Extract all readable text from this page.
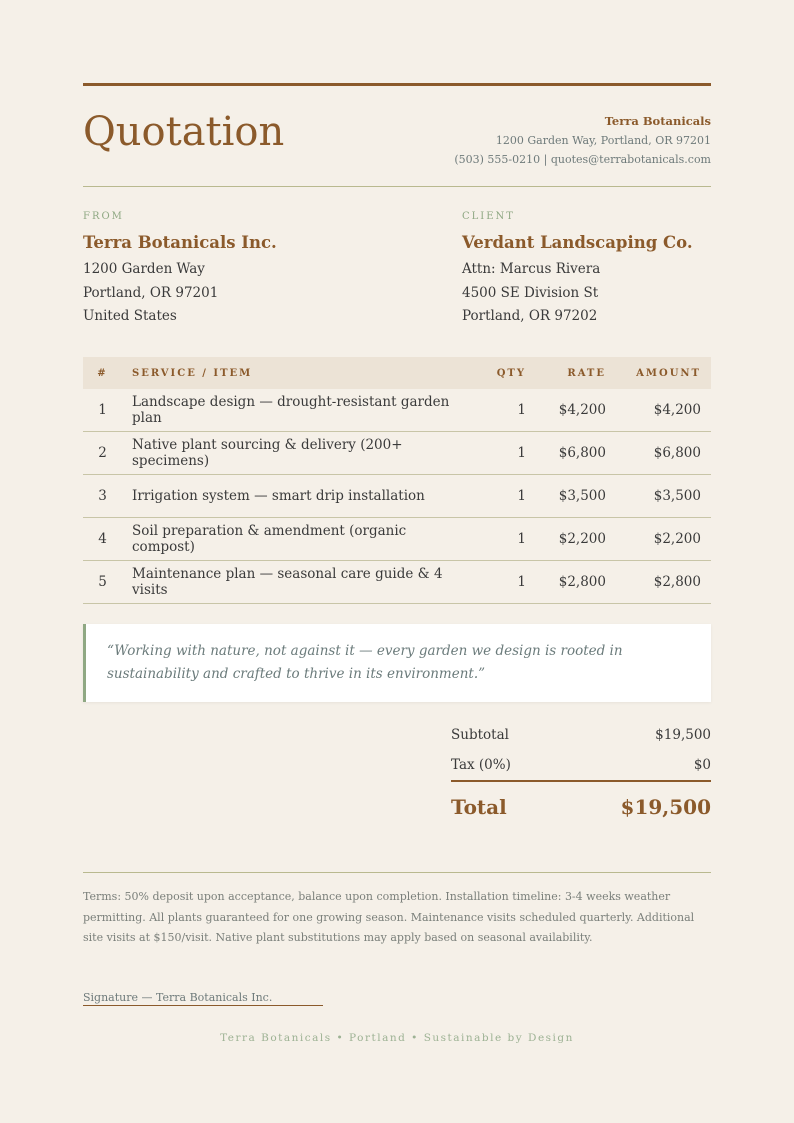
Quotation	Terra Botanicals
1200 Garden Way, Portland, OR 97201
(503) 555-0210 | quotes@terrabotanicals.com
FROM
Terra Botanicals Inc.
1200 Garden Way
Portland, OR 97201
United States
CLIENT
Verdant Landscaping Co.
Attn: Marcus Rivera
4500 SE Division St
Portland, OR 97202
#	SERVICE / ITEM	QTY	RATE	AMOUNT
1	Landscape design — drought-resistant garden plan	1	$4,200	$4,200
2	Native plant sourcing & delivery (200+ specimens)	1	$6,800	$6,800
3	Irrigation system — smart drip installation	1	$3,500	$3,500
4	Soil preparation & amendment (organic compost)	1	$2,200	$2,200
5	Maintenance plan — seasonal care guide & 4 visits	1	$2,800	$2,800
“Working with nature, not against it — every garden we design is rooted in sustainability and crafted to thrive in its environment.”
Subtotal	$19,500
Tax (0%)	$0
Total	$19,500
Terms: 50% deposit upon acceptance, balance upon completion. Installation timeline: 3-4 weeks weather permitting. All plants guaranteed for one growing season. Maintenance visits scheduled quarterly. Additional site visits at $150/visit. Native plant substitutions may apply based on seasonal availability.
Signature — Terra Botanicals Inc.
Terra Botanicals • Portland • Sustainable by Design
